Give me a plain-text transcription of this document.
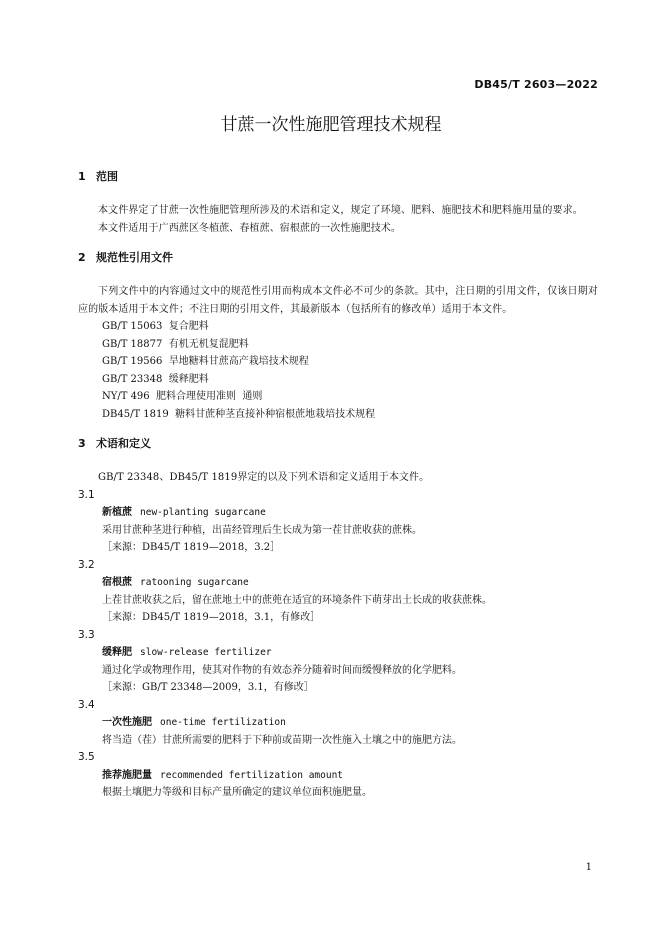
DB45/T 2603—2022
甘蔗一次性施肥管理技术规程
1 范围

本文件界定了甘蔗一次性施肥管理所涉及的术语和定义，规定了环境、肥料、施肥技术和肥料施用量的要求。

本文件适用于广西蔗区冬植蔗、春植蔗、宿根蔗的一次性施肥技术。

2 规范性引用文件

下列文件中的内容通过文中的规范性引用而构成本文件必不可少的条款。其中，注日期的引用文件，仅该日期对应的版本适用于本文件；不注日期的引用文件，其最新版本（包括所有的修改单）适用于本文件。

GB/T 15063  复合肥料
GB/T 18877  有机无机复混肥料
GB/T 19566  旱地糖料甘蔗高产栽培技术规程
GB/T 23348  缓释肥料
NY/T 496  肥料合理使用准则  通则
DB45/T 1819  糖料甘蔗种茎直接补种宿根蔗地栽培技术规程
3 术语和定义

GB/T 23348、DB45/T 1819界定的以及下列术语和定义适用于本文件。

3.1
新植蔗 new-planting sugarcane
采用甘蔗种茎进行种植，出苗经管理后生长成为第一茬甘蔗收获的蔗株。
［来源：DB45/T 1819—2018，3.2］
3.2
宿根蔗 ratooning sugarcane
上茬甘蔗收获之后，留在蔗地土中的蔗蔸在适宜的环境条件下萌芽出土长成的收获蔗株。
［来源：DB45/T 1819—2018，3.1，有修改］
3.3
缓释肥 slow-release fertilizer
通过化学或物理作用，使其对作物的有效态养分随着时间而缓慢释放的化学肥料。
［来源：GB/T 23348—2009，3.1，有修改］
3.4
一次性施肥 one-time fertilization
将当造（茬）甘蔗所需要的肥料于下种前或苗期一次性施入土壤之中的施肥方法。
3.5
推荐施肥量 recommended fertilization amount
根据土壤肥力等级和目标产量所确定的建议单位面积施肥量。
1
